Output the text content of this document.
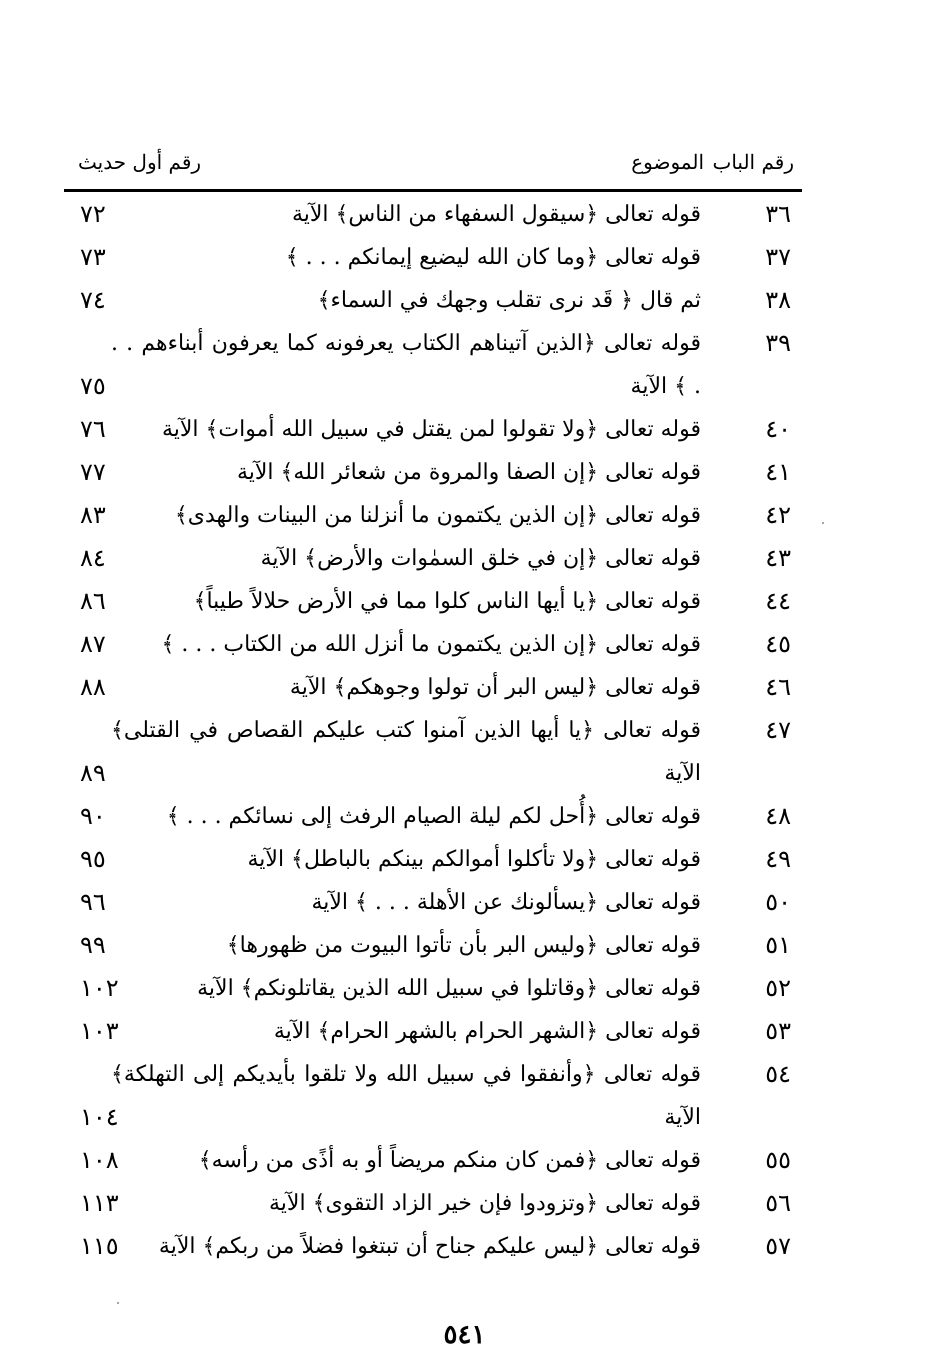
رقم الباب
الموضوع
رقم أول حديث
٣٦
قوله تعالى ﴿سيقول السفهاء من الناس﴾ الآية
٧٢
٣٧
قوله تعالى ﴿وما كان الله ليضيع إيمانكم . . . ﴾
٧٣
٣٨
ثم قال ﴿ قَد نرى تقلب وجهك في السماء﴾
٧٤
٣٩
قوله تعالى ﴿الذين آتيناهم الكتاب يعرفونه كما يعرفون أبناءهم . . . ﴾ الآية
٧٥
٤٠
قوله تعالى ﴿ولا تقولوا لمن يقتل في سبيل الله أموات﴾ الآية
٧٦
٤١
قوله تعالى ﴿إن الصفا والمروة من شعائر الله﴾ الآية
٧٧
٤٢
قوله تعالى ﴿إن الذين يكتمون ما أنزلنا من البينات والهدى﴾
٨٣
٤٣
قوله تعالى ﴿إن في خلق السمٰوات والأرض﴾ الآية
٨٤
٤٤
قوله تعالى ﴿يا أيها الناس كلوا مما في الأرض حلالاً طيباً﴾
٨٦
٤٥
قوله تعالى ﴿إن الذين يكتمون ما أنزل الله من الكتاب . . . ﴾
٨٧
٤٦
قوله تعالى ﴿ليس البر أن تولوا وجوهكم﴾ الآية
٨٨
٤٧
قوله تعالى ﴿يا أيها الذين آمنوا كتب عليكم القصاص في القتلى﴾ الآية
٨٩
٤٨
قوله تعالى ﴿أُحل لكم ليلة الصيام الرفث إلى نسائكم . . . ﴾
٩٠
٤٩
قوله تعالى ﴿ولا تأكلوا أموالكم بينكم بالباطل﴾ الآية
٩٥
٥٠
قوله تعالى ﴿يسألونك عن الأهلة . . . ﴾ الآية
٩٦
٥١
قوله تعالى ﴿وليس البر بأن تأتوا البيوت من ظهورها﴾
٩٩
٥٢
قوله تعالى ﴿وقاتلوا في سبيل الله الذين يقاتلونكم﴾ الآية
١٠٢
٥٣
قوله تعالى ﴿الشهر الحرام بالشهر الحرام﴾ الآية
١٠٣
٥٤
قوله تعالى ﴿وأنفقوا في سبيل الله ولا تلقوا بأيديكم إلى التهلكة﴾ الآية
١٠٤
٥٥
قوله تعالى ﴿فمن كان منكم مريضاً أو به أذًى من رأسه﴾
١٠٨
٥٦
قوله تعالى ﴿وتزودوا فإن خير الزاد التقوى﴾ الآية
١١٣
٥٧
قوله تعالى ﴿ليس عليكم جناح أن تبتغوا فضلاً من ربكم﴾ الآية
١١٥
٥٤١
